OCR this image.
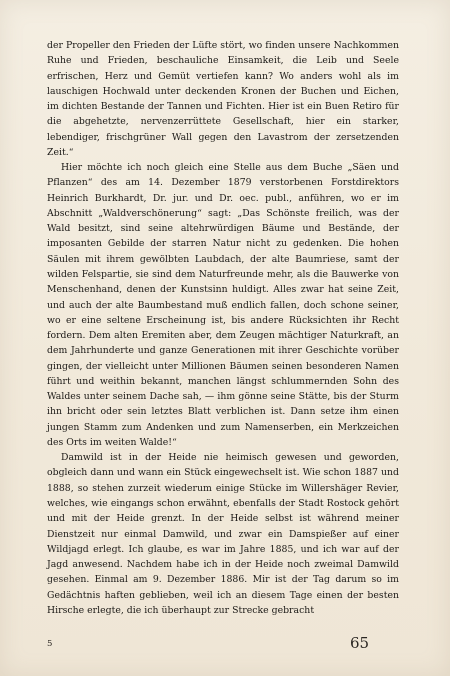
der Propeller den Frieden der Lüfte stört, wo finden unsere Nachkommen Ruhe und Frieden, beschauliche Einsamkeit, die Leib und Seele erfrischen, Herz und Gemüt vertiefen kann? Wo anders wohl als im lauschigen Hochwald unter deckenden Kronen der Buchen und Eichen, im dichten Bestande der Tannen und Fichten. Hier ist ein Buen Retiro für die abgehetzte, nervenzerrüttete Gesellschaft, hier ein starker, lebendiger, frischgrüner Wall gegen den Lavastrom der zersetzenden Zeit.“

Hier möchte ich noch gleich eine Stelle aus dem Buche „Säen und Pflanzen“ des am 14. Dezember 1879 verstorbenen Forstdirektors Heinrich Burkhardt, Dr. jur. und Dr. oec. publ., anführen, wo er im Abschnitt „Waldverschönerung“ sagt: „Das Schönste freilich, was der Wald besitzt, sind seine altehrwürdigen Bäume und Bestände, der imposanten Gebilde der starren Natur nicht zu gedenken. Die hohen Säulen mit ihrem gewölbten Laubdach, der alte Baumriese, samt der wilden Felspartie, sie sind dem Naturfreunde mehr, als die Bauwerke von Menschenhand, denen der Kunstsinn huldigt. Alles zwar hat seine Zeit, und auch der alte Baumbestand muß endlich fallen, doch schone seiner, wo er eine seltene Erscheinung ist, bis andere Rücksichten ihr Recht fordern. Dem alten Eremiten aber, dem Zeugen mächtiger Naturkraft, an dem Jahrhunderte und ganze Generationen mit ihrer Geschichte vorüber gingen, der vielleicht unter Millionen Bäumen seinen besonderen Namen führt und weithin bekannt, manchen längst schlummernden Sohn des Waldes unter seinem Dache sah, — ihm gönne seine Stätte, bis der Sturm ihn bricht oder sein letztes Blatt verblichen ist. Dann setze ihm einen jungen Stamm zum Andenken und zum Namenserben, ein Merkzeichen des Orts im weiten Walde!“

Damwild ist in der Heide nie heimisch gewesen und geworden, obgleich dann und wann ein Stück eingewechselt ist. Wie schon 1887 und 1888, so stehen zurzeit wiederum einige Stücke im Willershäger Revier, welches, wie eingangs schon erwähnt, ebenfalls der Stadt Rostock gehört und mit der Heide grenzt. In der Heide selbst ist während meiner Dienstzeit nur einmal Damwild, und zwar ein Damspießer auf einer Wildjagd erlegt. Ich glaube, es war im Jahre 1885, und ich war auf der Jagd anwesend. Nachdem habe ich in der Heide noch zweimal Damwild gesehen. Einmal am 9. Dezember 1886. Mir ist der Tag darum so im Gedächtnis haften geblieben, weil ich an diesem Tage einen der besten Hirsche erlegte, die ich überhaupt zur Strecke gebracht

5	65
